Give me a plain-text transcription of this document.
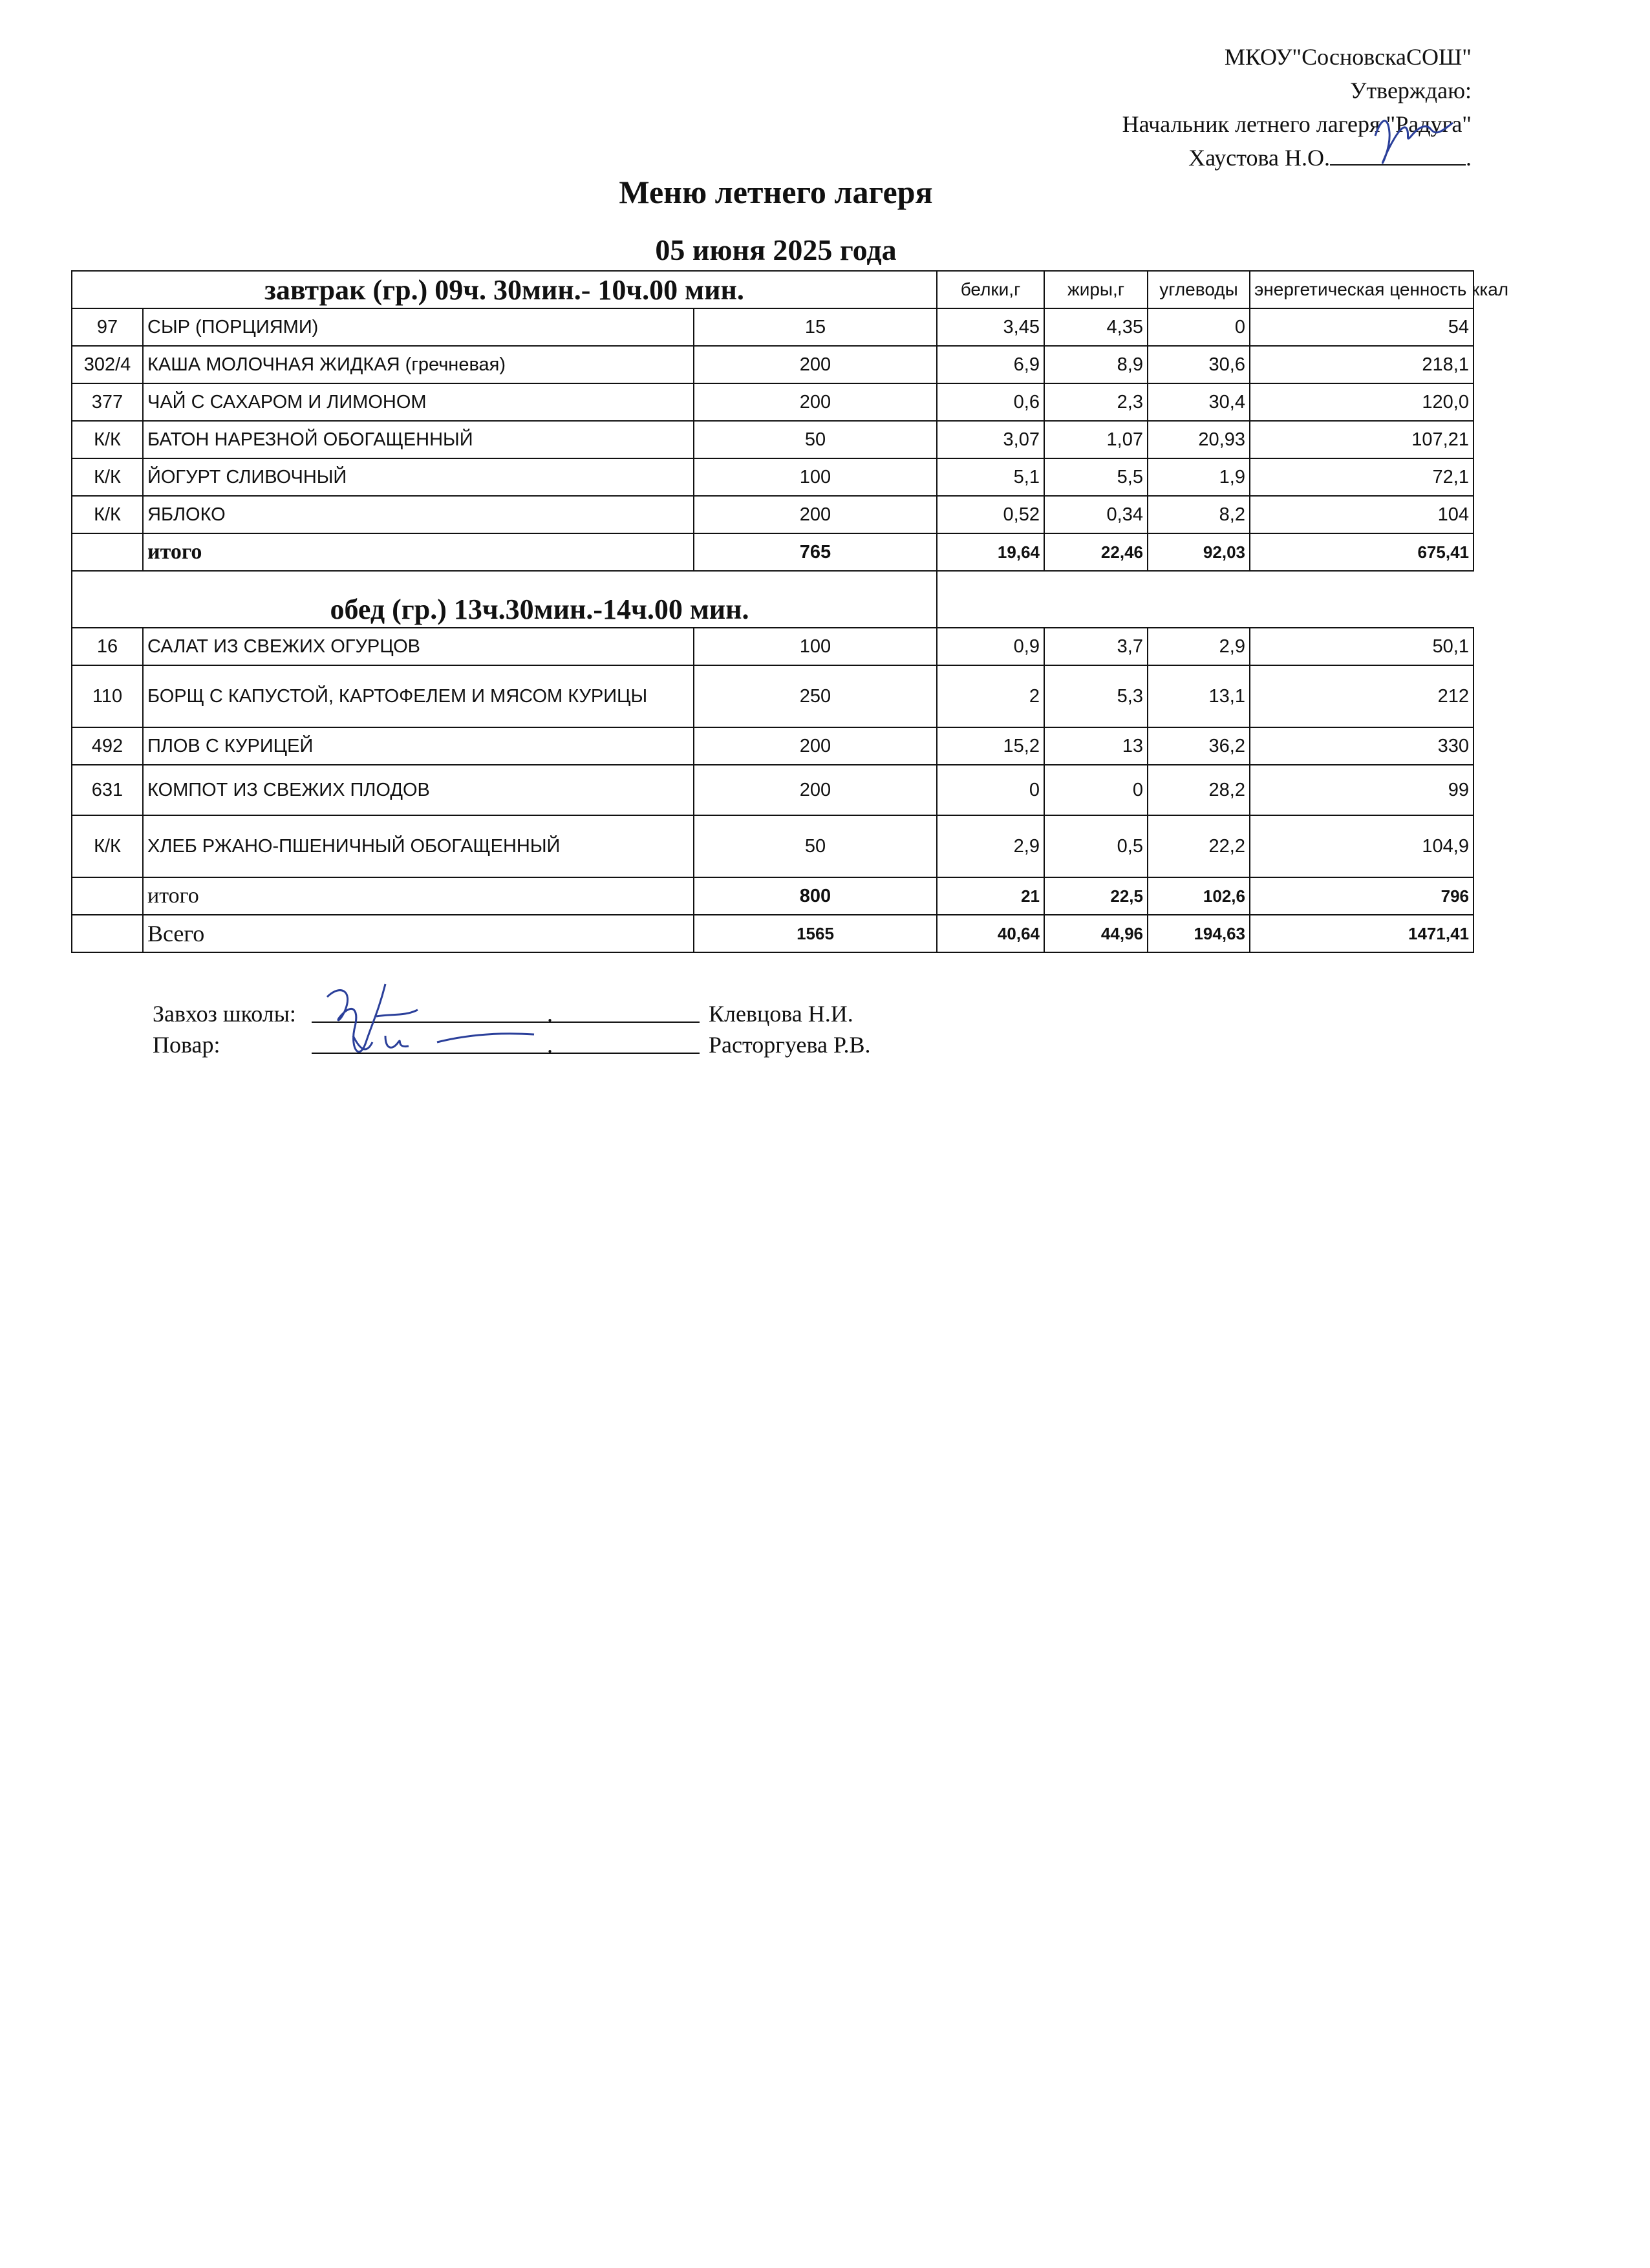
МКОУ"СосновскаСОШ"
Утверждаю:
Начальник летнего лагеря "Радуга"
Хаустова Н.О.	.
Меню летнего лагеря
05 июня 2025 года
завтрак (гр.) 09ч. 30мин.- 10ч.00 мин.			белки,г	жиры,г	углеводы	энергетическая ценность ккал
97	СЫР (ПОРЦИЯМИ)	15	3,45	4,35	0	54
302/4	КАША МОЛОЧНАЯ ЖИДКАЯ (гречневая)	200	6,9	8,9	30,6	218,1
377	ЧАЙ С САХАРОМ И ЛИМОНОМ	200	0,6	2,3	30,4	120,0
К/К	БАТОН НАРЕЗНОЙ ОБОГАЩЕННЫЙ	50	3,07	1,07	20,93	107,21
К/К	ЙОГУРТ СЛИВОЧНЫЙ	100	5,1	5,5	1,9	72,1
К/К	ЯБЛОКО	200	0,52	0,34	8,2	104
	итого	765	19,64	22,46	92,03	675,41
	обед (гр.) 13ч.30мин.-14ч.00 мин.					
16	САЛАТ ИЗ СВЕЖИХ ОГУРЦОВ	100	0,9	3,7	2,9	50,1
110	БОРЩ С КАПУСТОЙ, КАРТОФЕЛЕМ И МЯСОМ КУРИЦЫ	250	2	5,3	13,1	212
492	ПЛОВ С КУРИЦЕЙ	200	15,2	13	36,2	330
631	КОМПОТ ИЗ СВЕЖИХ ПЛОДОВ	200	0	0	28,2	99
К/К	ХЛЕБ РЖАНО-ПШЕНИЧНЫЙ ОБОГАЩЕННЫЙ	50	2,9	0,5	22,2	104,9
	итого	800	21	22,5	102,6	796
	Всего	1565	40,64	44,96	194,63	1471,41
Завхоз школы:	.	Клевцова Н.И.
Повар:	.	Расторгуева Р.В.
